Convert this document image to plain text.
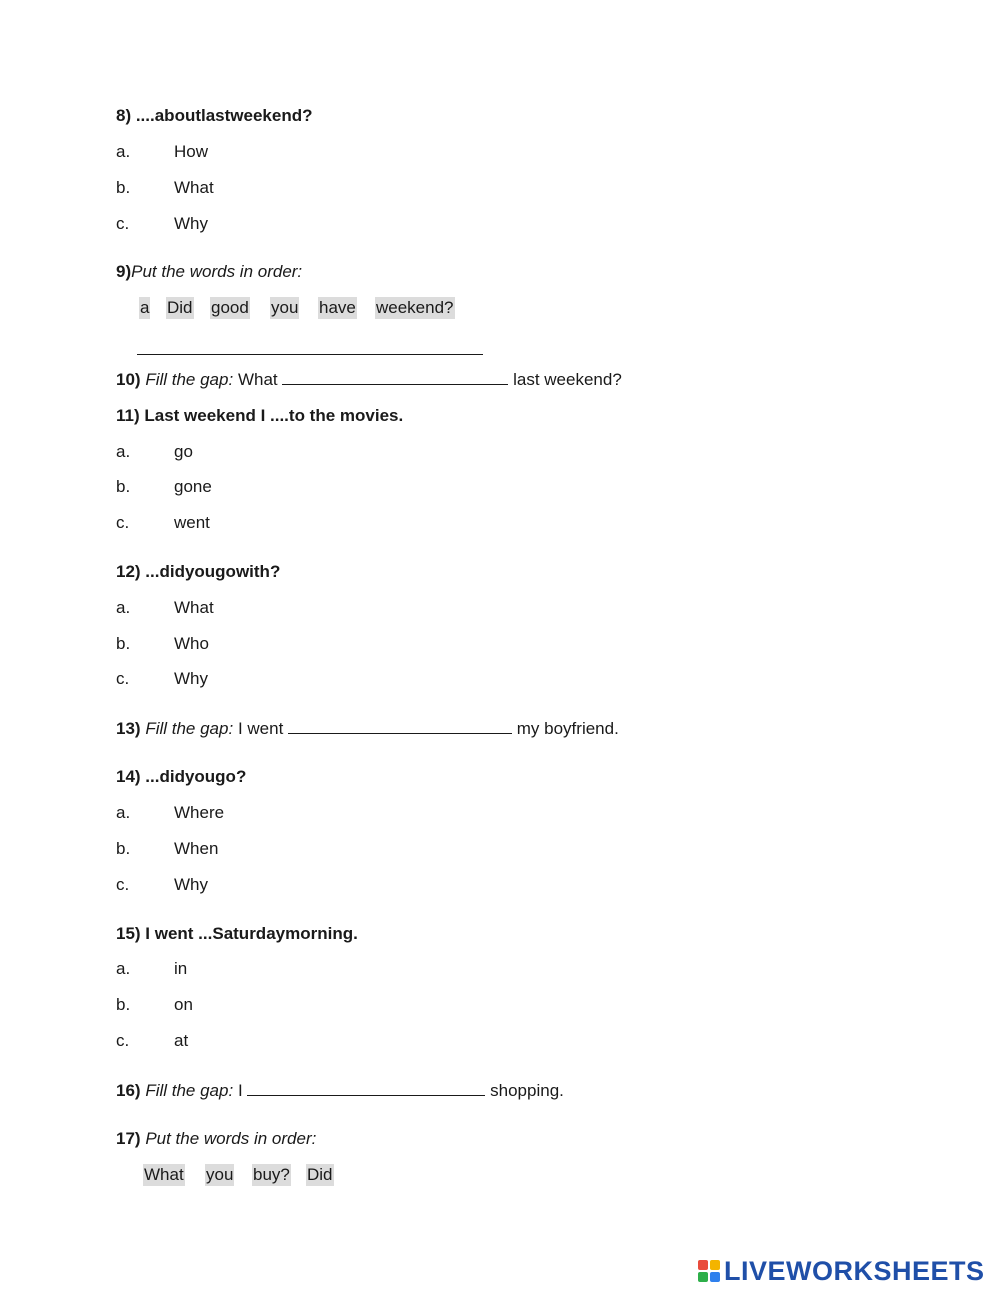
8) ....aboutlastweekend?
a.	How
b.	What
c.	Why
9)Put the words in order:
a Did good you have weekend?
10) Fill the gap: What	last weekend?
11) Last weekend I ....to the movies.
a.	go
b.	gone
c.	went
12) ...didyougowith?
a.	What
b.	Who
c.	Why
13) Fill the gap: I went	my boyfriend.
14) ...didyougo?
a.	Where
b.	When
c.	Why
15) I went ...Saturdaymorning.
a.	in
b.	on
c.	at
16) Fill the gap: I	shopping.
17) Put the words in order:
What you buy? Did
LIVEWORKSHEETS
